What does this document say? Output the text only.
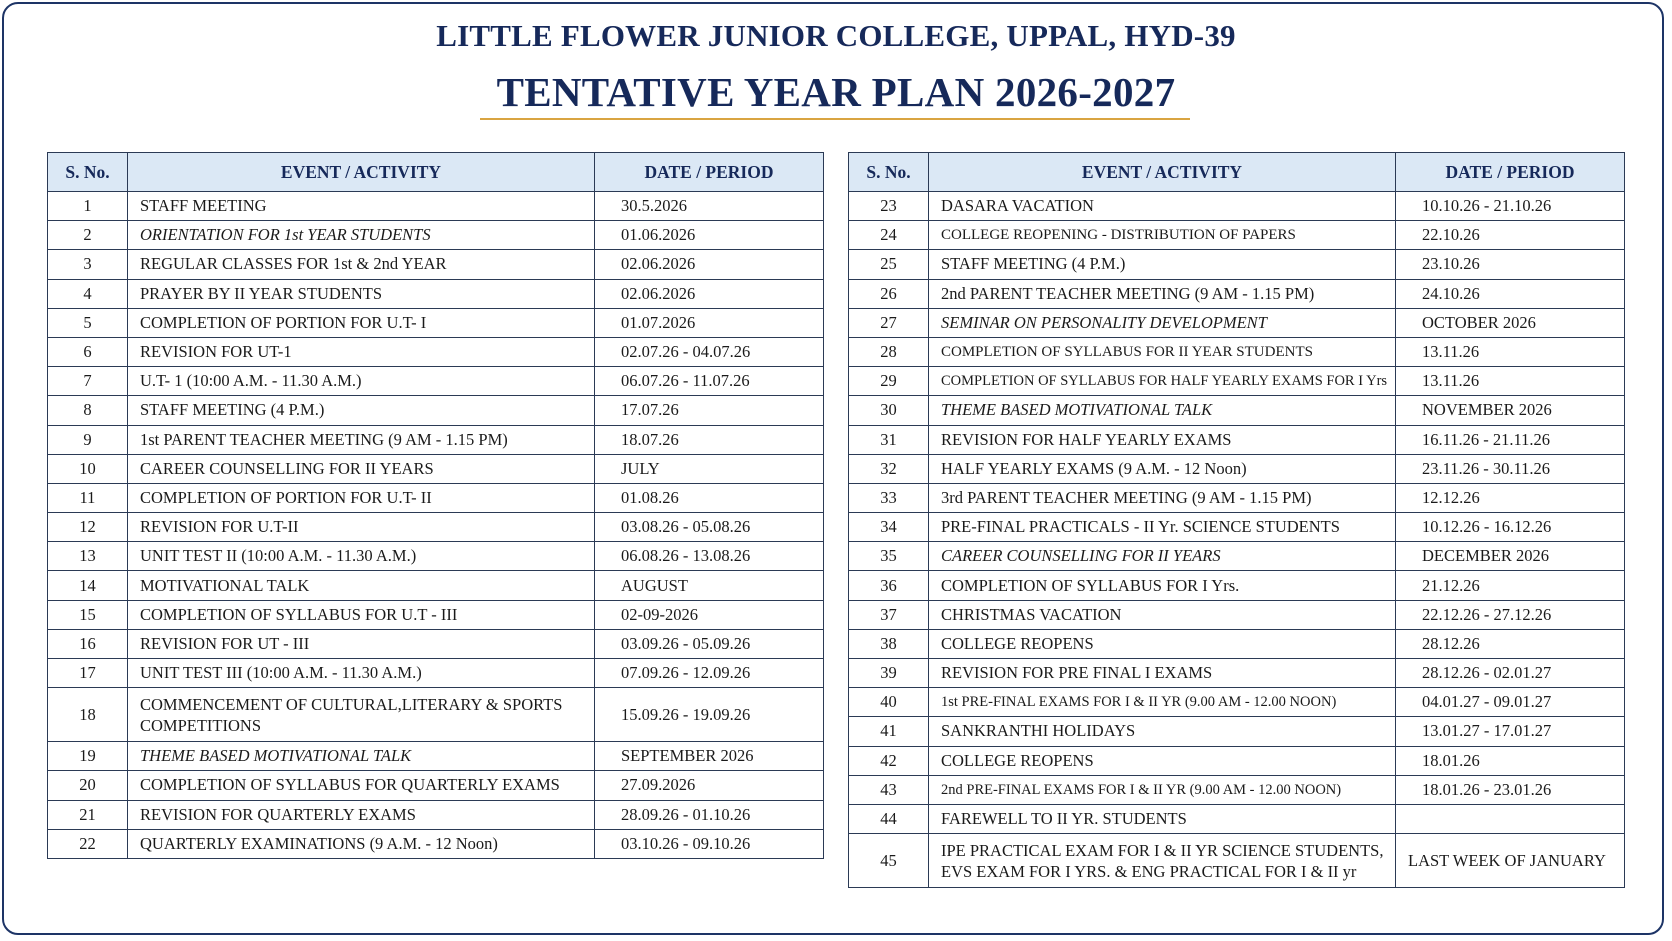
LITTLE FLOWER JUNIOR COLLEGE, UPPAL, HYD-39
TENTATIVE YEAR PLAN 2026-2027
S. No.	EVENT / ACTIVITY	DATE / PERIOD
1	STAFF MEETING	30.5.2026
2	ORIENTATION FOR 1st YEAR STUDENTS	01.06.2026
3	REGULAR CLASSES FOR 1st & 2nd YEAR	02.06.2026
4	PRAYER BY II YEAR STUDENTS	02.06.2026
5	COMPLETION OF PORTION FOR U.T- I	01.07.2026
6	REVISION FOR UT-1	02.07.26 - 04.07.26
7	U.T- 1 (10:00 A.M. - 11.30 A.M.)	06.07.26 - 11.07.26
8	STAFF MEETING (4 P.M.)	17.07.26
9	1st PARENT TEACHER MEETING (9 AM - 1.15 PM)	18.07.26
10	CAREER COUNSELLING FOR II YEARS	JULY
11	COMPLETION OF PORTION FOR U.T- II	01.08.26
12	REVISION FOR U.T-II	03.08.26 - 05.08.26
13	UNIT TEST II (10:00 A.M. - 11.30 A.M.)	06.08.26 - 13.08.26
14	MOTIVATIONAL TALK	AUGUST
15	COMPLETION OF SYLLABUS FOR U.T - III	02-09-2026
16	REVISION FOR UT - III	03.09.26 - 05.09.26
17	UNIT TEST III (10:00 A.M. - 11.30 A.M.)	07.09.26 - 12.09.26
18	COMMENCEMENT OF CULTURAL,LITERARY & SPORTS COMPETITIONS	15.09.26 - 19.09.26
19	THEME BASED MOTIVATIONAL TALK	SEPTEMBER 2026
20	COMPLETION OF SYLLABUS FOR QUARTERLY EXAMS	27.09.2026
21	REVISION FOR QUARTERLY EXAMS	28.09.26 - 01.10.26
22	QUARTERLY EXAMINATIONS (9 A.M. - 12 Noon)	03.10.26 - 09.10.26
S. No.	EVENT / ACTIVITY	DATE / PERIOD
23	DASARA VACATION	10.10.26 - 21.10.26
24	COLLEGE REOPENING - DISTRIBUTION OF PAPERS	22.10.26
25	STAFF MEETING (4 P.M.)	23.10.26
26	2nd PARENT TEACHER MEETING (9 AM - 1.15 PM)	24.10.26
27	SEMINAR ON PERSONALITY DEVELOPMENT	OCTOBER 2026
28	COMPLETION OF SYLLABUS FOR II YEAR STUDENTS	13.11.26
29	COMPLETION OF SYLLABUS FOR HALF YEARLY EXAMS FOR I Yrs	13.11.26
30	THEME BASED MOTIVATIONAL TALK	NOVEMBER 2026
31	REVISION FOR HALF YEARLY EXAMS	16.11.26 - 21.11.26
32	HALF YEARLY EXAMS (9 A.M. - 12 Noon)	23.11.26 - 30.11.26
33	3rd PARENT TEACHER MEETING (9 AM - 1.15 PM)	12.12.26
34	PRE-FINAL PRACTICALS - II Yr. SCIENCE STUDENTS	10.12.26 - 16.12.26
35	CAREER COUNSELLING FOR II YEARS	DECEMBER 2026
36	COMPLETION OF SYLLABUS FOR I Yrs.	21.12.26
37	CHRISTMAS VACATION	22.12.26 - 27.12.26
38	COLLEGE REOPENS	28.12.26
39	REVISION FOR PRE FINAL I EXAMS	28.12.26 - 02.01.27
40	1st PRE-FINAL EXAMS FOR I & II YR (9.00 AM - 12.00 NOON)	04.01.27 - 09.01.27
41	SANKRANTHI HOLIDAYS	13.01.27 - 17.01.27
42	COLLEGE REOPENS	18.01.26
43	2nd PRE-FINAL EXAMS FOR I & II YR (9.00 AM - 12.00 NOON)	18.01.26 - 23.01.26
44	FAREWELL TO II YR. STUDENTS	
45	IPE PRACTICAL EXAM FOR I & II YR SCIENCE STUDENTS, EVS EXAM FOR I YRS. & ENG PRACTICAL FOR I & II yr	LAST WEEK OF JANUARY
